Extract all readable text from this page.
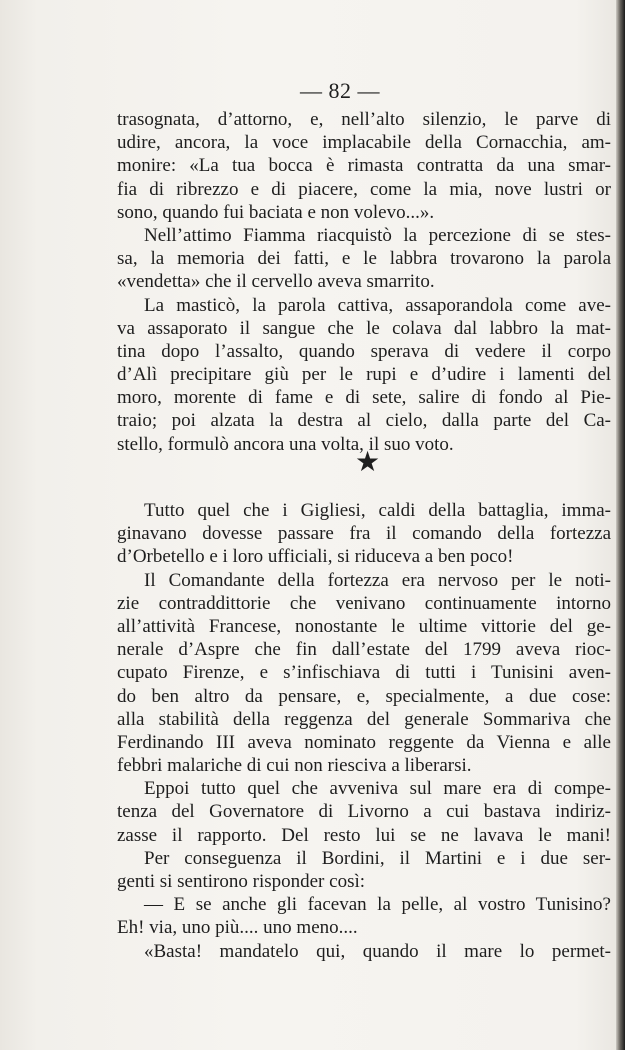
— 82 —
trasognata, d’attorno, e, nell’alto silenzio, le parve di
udire, ancora, la voce implacabile della Cornacchia, am-
monire: «La tua bocca è rimasta contratta da una smar-
fia di ribrezzo e di piacere, come la mia, nove lustri or
sono, quando fui baciata e non volevo...».
Nell’attimo Fiamma riacquistò la percezione di se stes-
sa, la memoria dei fatti, e le labbra trovarono la parola
«vendetta» che il cervello aveva smarrito.
La masticò, la parola cattiva, assaporandola come ave-
va assaporato il sangue che le colava dal labbro la mat-
tina dopo l’assalto, quando sperava di vedere il corpo
d’Alì precipitare giù per le rupi e d’udire i lamenti del
moro, morente di fame e di sete, salire di fondo al Pie-
traio; poi alzata la destra al cielo, dalla parte del Ca-
stello, formulò ancora una volta, il suo voto.
★
Tutto quel che i Gigliesi, caldi della battaglia, imma-
ginavano dovesse passare fra il comando della fortezza
d’Orbetello e i loro ufficiali, si riduceva a ben poco!
Il Comandante della fortezza era nervoso per le noti-
zie contraddittorie che venivano continuamente intorno
all’attività Francese, nonostante le ultime vittorie del ge-
nerale d’Aspre che fin dall’estate del 1799 aveva rioc-
cupato Firenze, e s’infischiava di tutti i Tunisini aven-
do ben altro da pensare, e, specialmente, a due cose:
alla stabilità della reggenza del generale Sommariva che
Ferdinando III aveva nominato reggente da Vienna e alle
febbri malariche di cui non riesciva a liberarsi.
Eppoi tutto quel che avveniva sul mare era di compe-
tenza del Governatore di Livorno a cui bastava indiriz-
zasse il rapporto. Del resto lui se ne lavava le mani!
Per conseguenza il Bordini, il Martini e i due ser-
genti si sentirono risponder così:
— E se anche gli facevan la pelle, al vostro Tunisino?
Eh! via, uno più.... uno meno....
«Basta! mandatelo qui, quando il mare lo permet-
